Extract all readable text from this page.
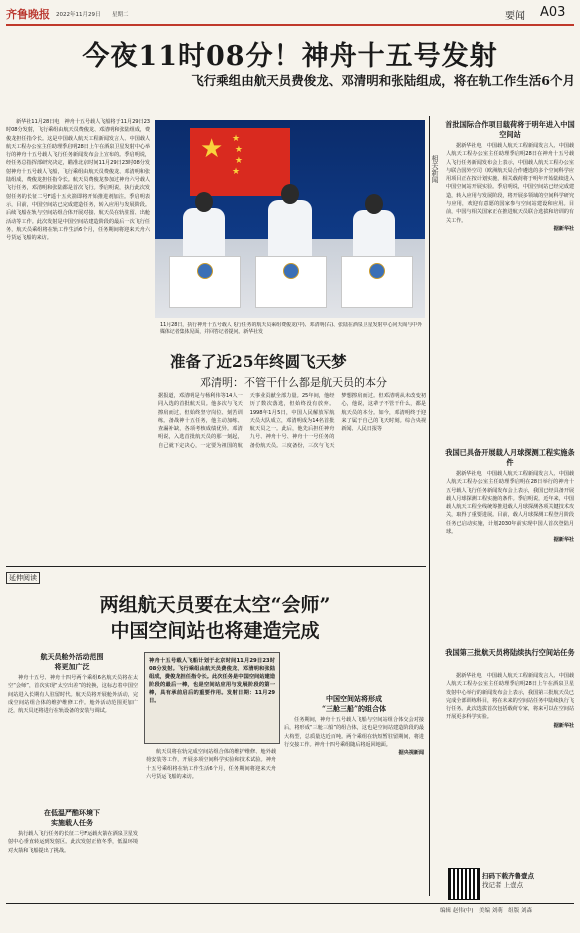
齐鲁晚报 2022年11月29日 星期二	要闻 A03
今夜11时08分！神舟十五号发射
飞行乘组由航天员费俊龙、邓清明和张陆组成，将在轨工作生活6个月

新华社11月28日电　神舟十五号载人飞船将于11月29日23时08分发射，飞行乘组由航天员费俊龙、邓清明和张陆组成，费俊龙担任指令长。这是中国载人航天工程新闻发言人、中国载人航天工程办公室主任助理季启明28日上午在酒泉卫星发射中心举行的神舟十五号载人飞行任务新闻发布会上宣布的。季启明说，经任务总指挥部研究决定，瞄准北京时间11月29日23时08分发射神舟十五号载人飞船，飞行乘组由航天员费俊龙、邓清明和张陆组成，费俊龙担任指令长。航天员费俊龙参加过神舟六号载人飞行任务，邓清明和张陆都是首次飞行。季启明说，执行此次发射任务的长征二号F遥十五火箭即将开始推进剂加注。季启明表示，目前，中国空间站已完成建造任务，转入应用与发展阶段。后续飞船在轨与空间站组合体开展对接、航天员在轨驻留、出舱活动等工作。此次发射是中国空间站建造阶段的最后一次飞行任务，航天员乘组将在轨工作生活6个月，任务期间将迎来天舟六号货运飞船的来访。

★ ★
★
★
★
11月28日，执行神舟十五号载人飞行任务的航天员乘组费俊龙(中)、邓清明(右)、张陆在酒泉卫星发射中心问天阁与中外媒体记者集体见面，并回答记者提问。新华社发
准备了近25年终圆飞天梦
邓清明：不管干什么都是航天员的本分
据报道，邓清明是与杨利伟等14人一同入选的首批航天员。他多次与飞天擦肩而过，但始终坚守岗位、刻苦训练。备战神十五任务，他主动加练、查漏补缺，各项考核成绩优异。邓清明说，入选首批航天员的那一刻起，自己就下定决心，一定要为祖国的航天事业贡献全部力量。25年间，他经历了数次落选，但始终没有放弃。1998年1月5日，中国人民解放军航天员大队成立，邓清明成为14名首批航天员之一。此后，他先后担任神舟九号、神舟十号、神舟十一号任务的备份航天员。三度备份，三次与飞天梦想擦肩而过。但邓清明从未改变初心，他说，这辈子不管干什么，都是航天员的本分。如今，邓清明终于迎来了属于自己的飞天时刻。综合央视新闻、人民日报等
相关新闻
首批国际合作项目载荷将于明年进入中国空间站

据新华社电　中国载人航天工程新闻发言人、中国载人航天工程办公室主任助理季启明28日在神舟十五号载人飞行任务新闻发布会上表示，中国载人航天工程办公室与联合国外空司（欧洲航天局合作遴选的多个空间科学应用项目正在按计划实施，相关载荷将于明年开始陆续进入中国空间站开展实验。季启明说，中国空间站已经完成建造，转入应用与发展阶段，将开展多领域的空间科学研究与应用，欢迎有意愿的国家参与空间站建设和应用。目前，中国与相关国家正在推进航天员联合选拔和培训的有关工作。

据新华社
我国已具备开展载人月球探测工程实施条件

据新华社电　中国载人航天工程新闻发言人、中国载人航天工程办公室主任助理季启明在28日举行的神舟十五号载人飞行任务新闻发布会上表示，我国已经具备开展载人月球探测工程实施的条件。季启明说，近年来，中国载人航天工程全线统筹推进载人月球探测各项关键技术攻关，取得了重要进展。目前，载人月球探测工程登月阶段任务已启动实施，计划2030年前实现中国人首次登陆月球。

据新华社
我国第三批航天员将陆续执行空间站任务

据新华社电　中国载人航天工程新闻发言人、中国载人航天工程办公室主任助理季启明28日上午在酒泉卫星发射中心举行的新闻发布会上表示，我国第三批航天员已完成全部训练科目，将在未来的空间站任务中陆续执行飞行任务。此次选拔首次包括载荷专家，将来可以在空间站开展更多科学实验。

据新华社
延伸阅读
两组航天员要在太空“会师”
中国空间站也将建造完成
航天员舱外活动范围
将更加广泛

神舟十五号、神舟十四号两个乘组6名航天员将在太空“会师”，首次实现“太空出差”的轮换，这标志着中国空间站进入长期有人驻留时代。航天员将开展舱外活动，完成空间站组合体的维护维修工作。舱外活动范围更加广泛，航天员还将进行在轨设备的安装与调试。

在低温严酷环境下
实施载人任务

执行载人飞行任务的长征二号F运载火箭在酒泉卫星发射中心垂直转运到发射区。此次发射正值冬季，低温环境对火箭和飞船提出了挑战。

神舟十五号载人飞船计划于北京时间11月29日23时08分发射。飞行乘组由航天员费俊龙、邓清明和张陆组成，费俊龙担任指令长。此次任务是中国空间站建造阶段的最后一棒，也是空间站应用与发展阶段的第一棒，具有承前启后的重要作用。发射日期：11月29日。

航天员将在轨完成空间站组合体的维护维修、舱外载荷安装等工作，开展多项空间科学实验和技术试验。神舟十五号乘组将在轨工作生活6个月，任务期间将迎来天舟六号货运飞船的来访。

中国空间站将形成
“三舱三船”的组合体

任务期间，神舟十五号载人飞船与空间站组合体交会对接后，将形成“三舱三船”的组合体，这也是空间站建造阶段的最大构型，总质量达近百吨。两个乘组在轨短暂驻留期间，将进行交接工作。神舟十四号乘组随后将返回地面。

据央视新闻
扫码下载齐鲁壹点
找记者 上壹点
编辑 赵伟(中)　美编 刘萌　组版 刘森
